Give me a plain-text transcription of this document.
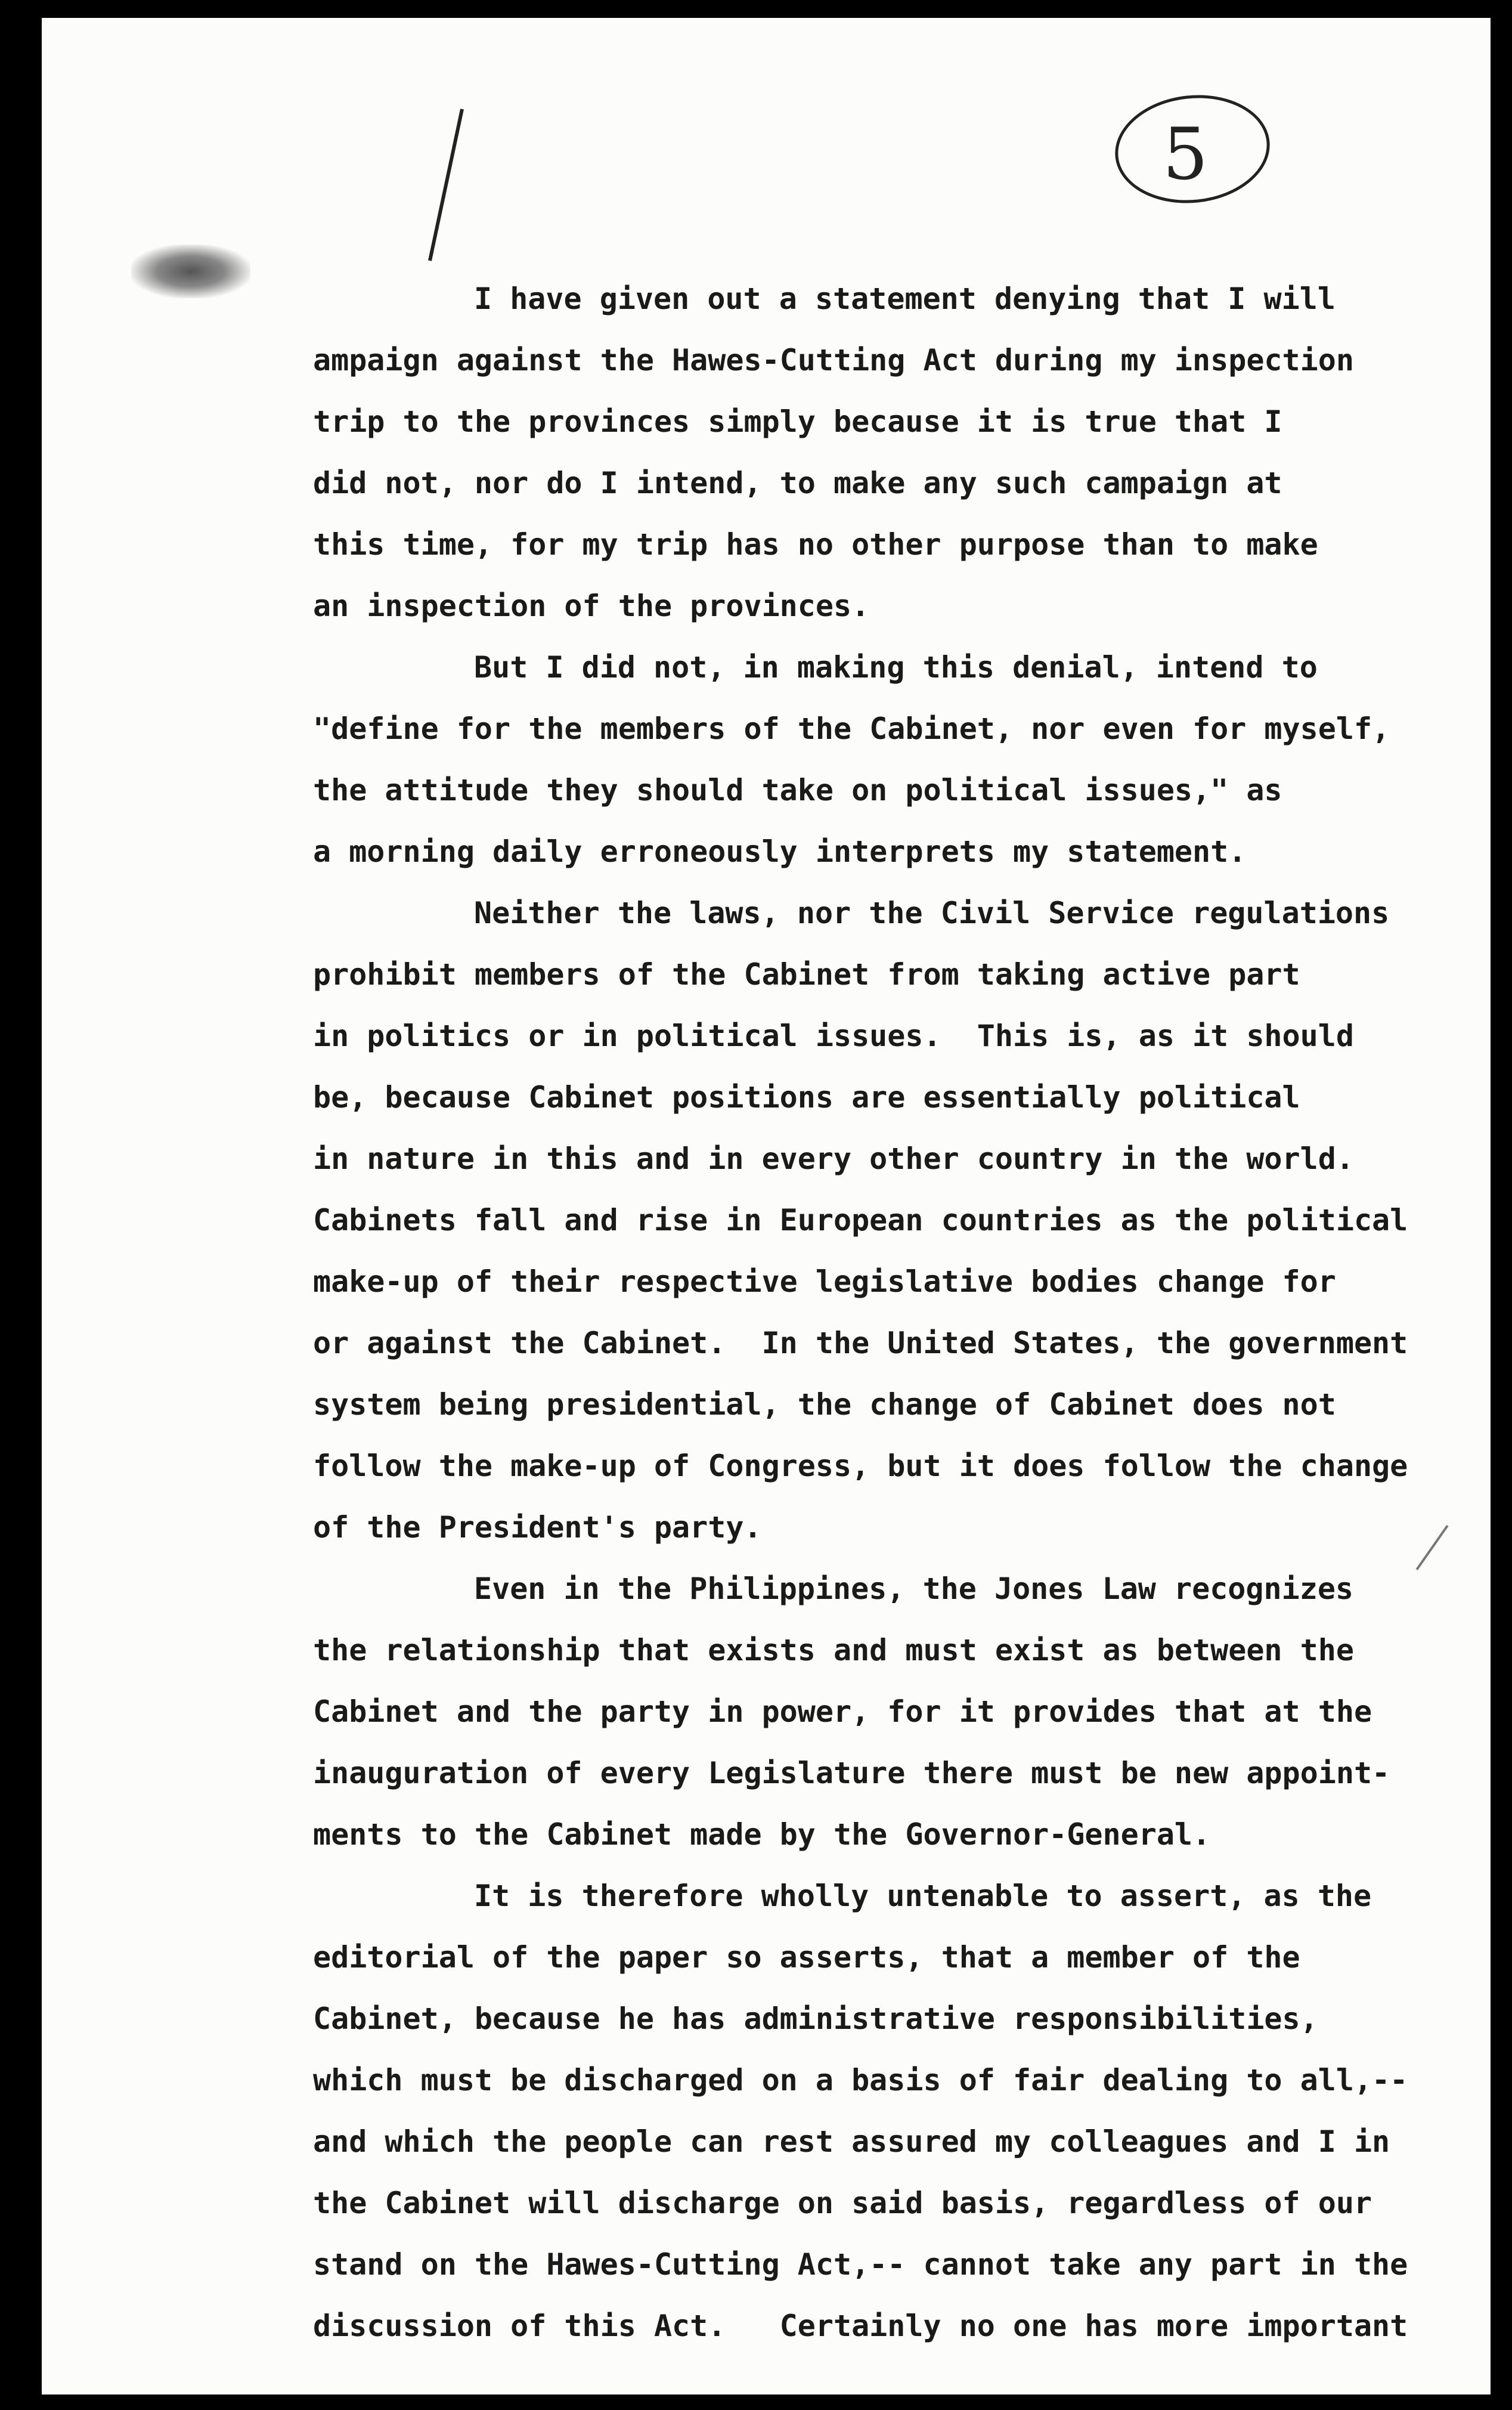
5
I have given out a statement denying that I will
ampaign against the Hawes-Cutting Act during my inspection
trip to the provinces simply because it is true that I
did not, nor do I intend, to make any such campaign at
this time, for my trip has no other purpose than to make
an inspection of the provinces.
But I did not, in making this denial, intend to
"define for the members of the Cabinet, nor even for myself,
the attitude they should take on political issues," as
a morning daily erroneously interprets my statement.
Neither the laws, nor the Civil Service regulations
prohibit members of the Cabinet from taking active part
in politics or in political issues.  This is, as it should
be, because Cabinet positions are essentially political
in nature in this and in every other country in the world.
Cabinets fall and rise in European countries as the political
make-up of their respective legislative bodies change for
or against the Cabinet.  In the United States, the government
system being presidential, the change of Cabinet does not
follow the make-up of Congress, but it does follow the change
of the President's party.
Even in the Philippines, the Jones Law recognizes
the relationship that exists and must exist as between the
Cabinet and the party in power, for it provides that at the
inauguration of every Legislature there must be new appoint-
ments to the Cabinet made by the Governor-General.
It is therefore wholly untenable to assert, as the
editorial of the paper so asserts, that a member of the
Cabinet, because he has administrative responsibilities,
which must be discharged on a basis of fair dealing to all,--
and which the people can rest assured my colleagues and I in
the Cabinet will discharge on said basis, regardless of our
stand on the Hawes-Cutting Act,-- cannot take any part in the
discussion of this Act.   Certainly no one has more important
